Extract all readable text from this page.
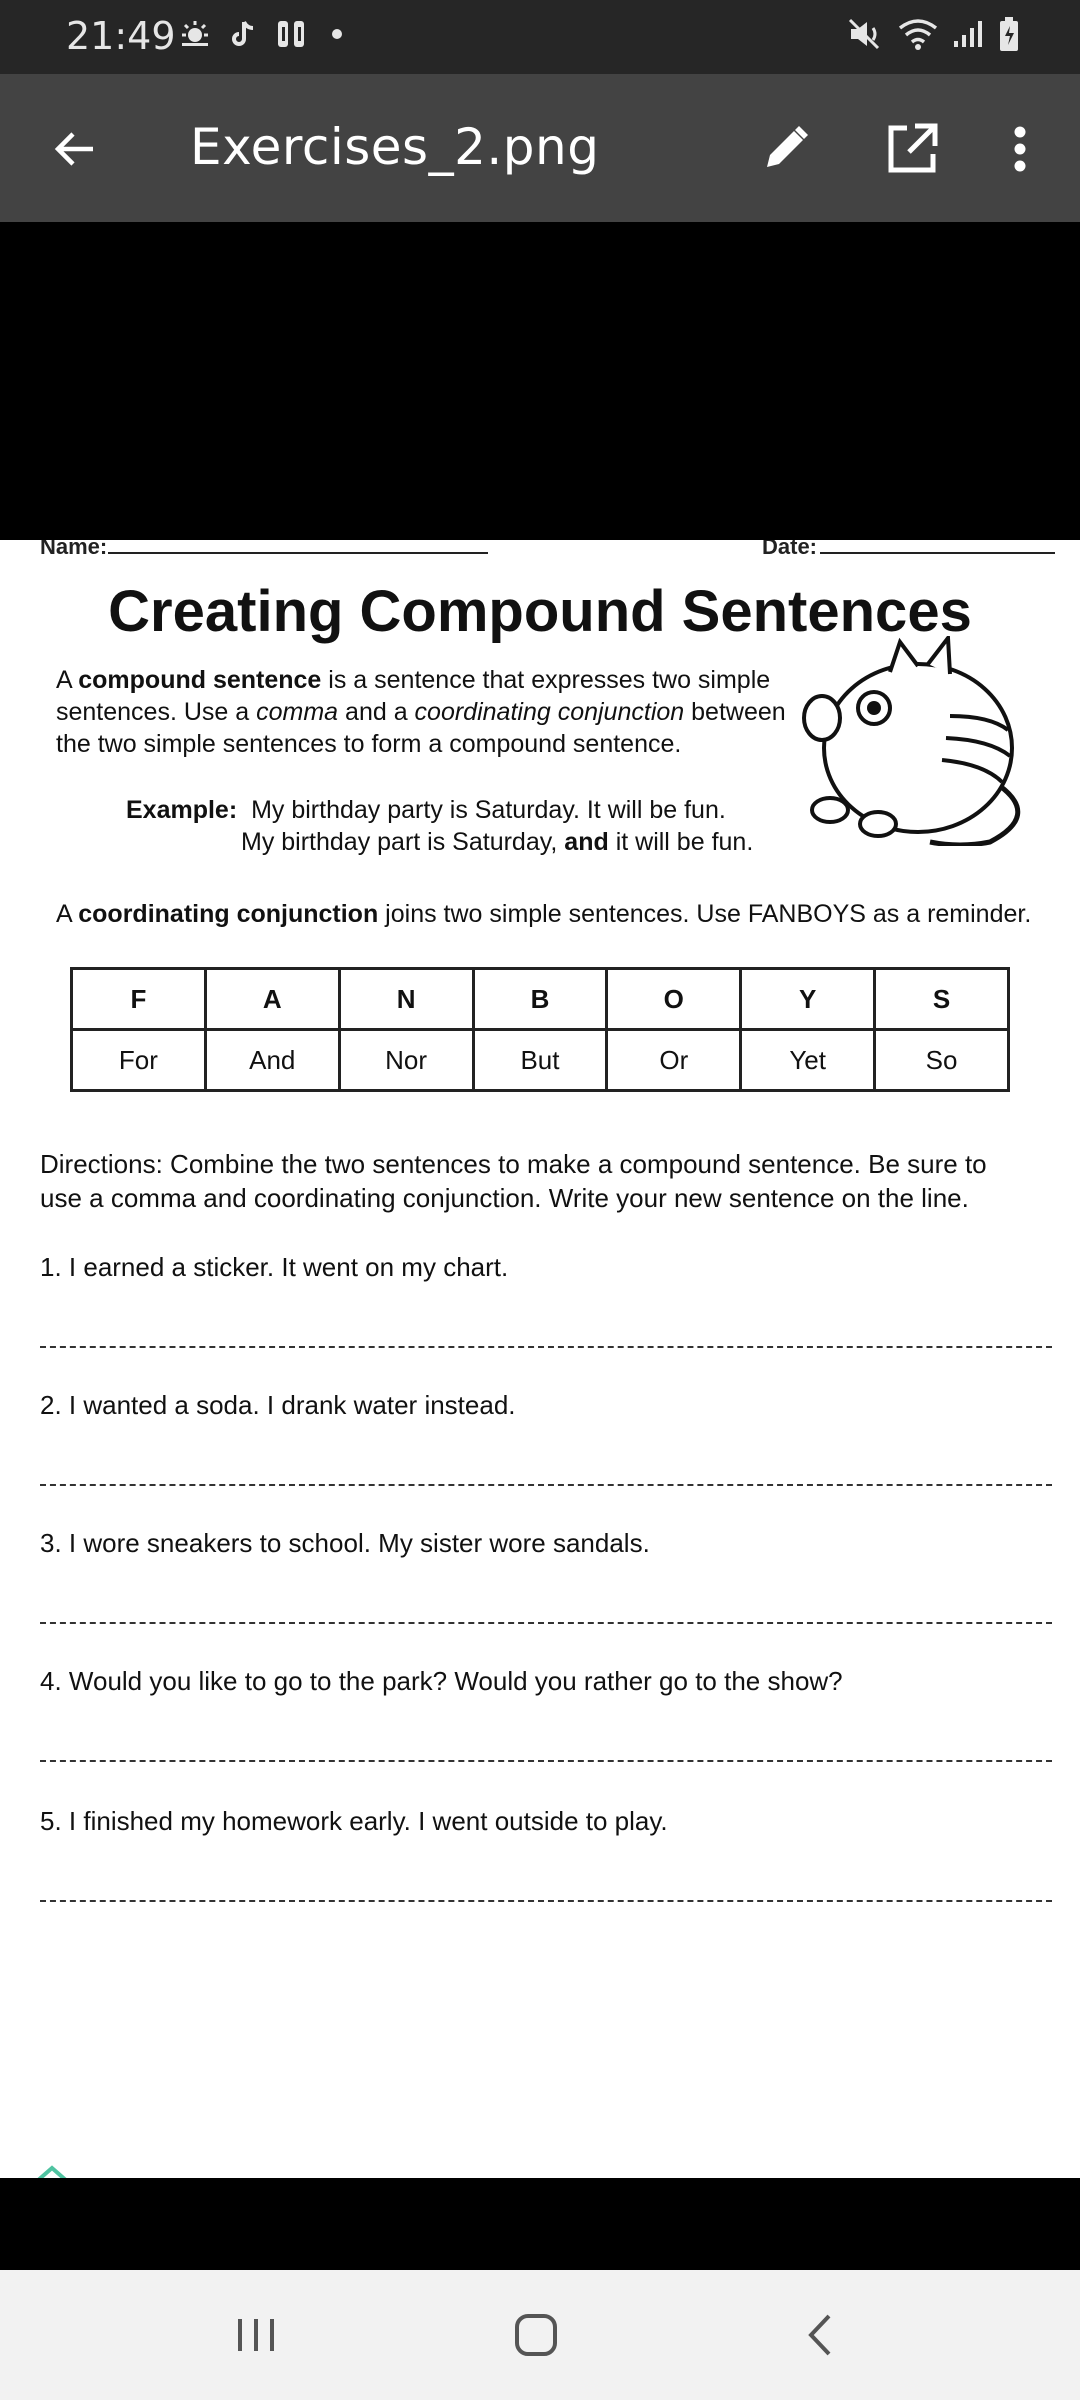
21:49
Exercises_2.png
Name:	Date:
Creating Compound Sentences
A compound sentence is a sentence that expresses two simple
sentences. Use a comma and a coordinating conjunction between
the two simple sentences to form a compound sentence.
Example: My birthday party is Saturday. It will be fun.
My birthday part is Saturday, and it will be fun.
A coordinating conjunction joins two simple sentences. Use FANBOYS as a reminder.
F	A	N	B	O	Y	S
For	And	Nor	But	Or	Yet	So
Directions: Combine the two sentences to make a compound sentence. Be sure to
use a comma and coordinating conjunction. Write your new sentence on the line.
1. I earned a sticker. It went on my chart.
2. I wanted a soda. I drank water instead.
3. I wore sneakers to school. My sister wore sandals.
4. Would you like to go to the park? Would you rather go to the show?
5. I finished my homework early. I went outside to play.
